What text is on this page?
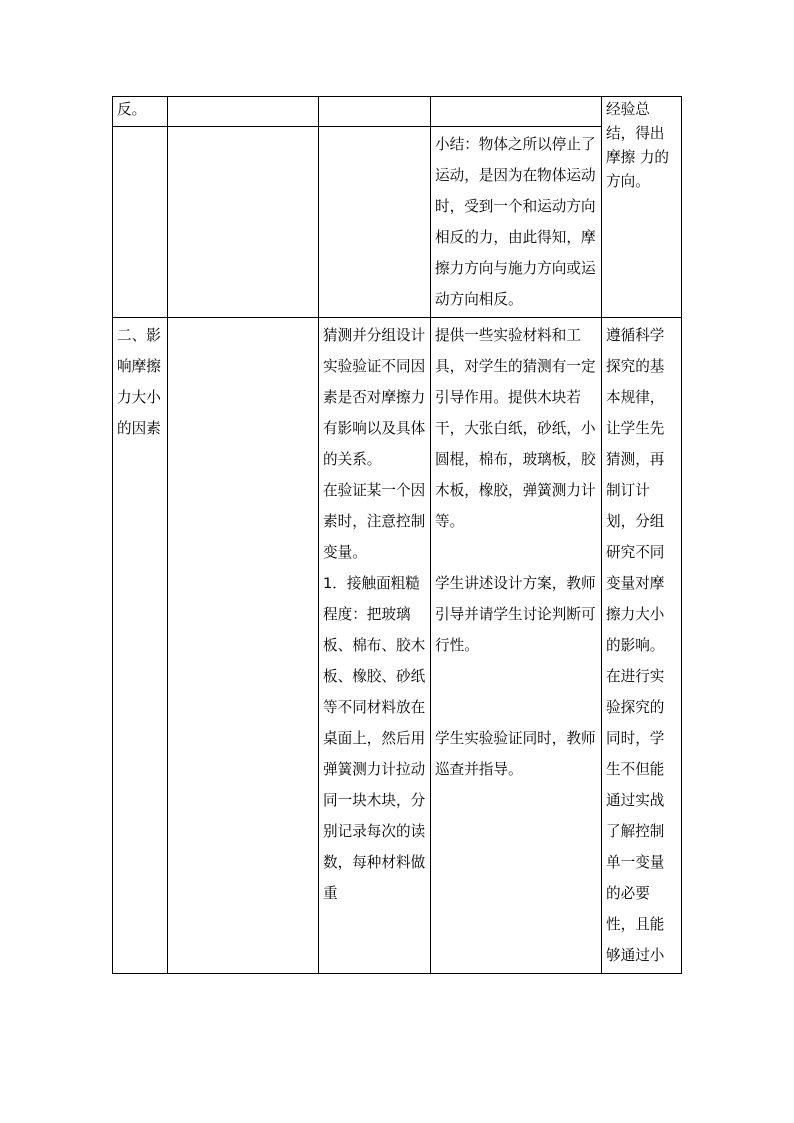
反。				经验总
结，得出摩擦 力的方向。

			小结：物体之所以停止了运动，是因为在物体运动时，受到一个和运动方向相反的力，由此得知，摩擦力方向与施力方向或运动方向相反。	
二、影响摩擦力大小的因素		猜测并分组设计实验验证不同因素是否对摩擦力有影响以及具体的关系。
在验证某一个因素时，注意控制变量。
1．接触面粗糙程度：把玻璃板、棉布、胶木板、橡胶、砂纸等不同材料放在桌面上，然后用弹簧测力计拉动同一块木块，分别记录每次的读数，每种材料做重	提供一些实验材料和工具，对学生的猜测有一定引导作用。提供木块若干，大张白纸，砂纸，小圆棍，棉布，玻璃板，胶木板，橡胶，弹簧测力计等。
学生讲述设计方案，教师引导并请学生讨论判断可行性。
学生实验验证同时，教师巡查并指导。	遵循科学探究的基本规律，让学生先猜测，再制订计划，分组研究不同变量对摩擦力大小的影响。在进行实验探究的同时，学生不但能通过实战了解控制单一变量的必要性，且能够通过小
